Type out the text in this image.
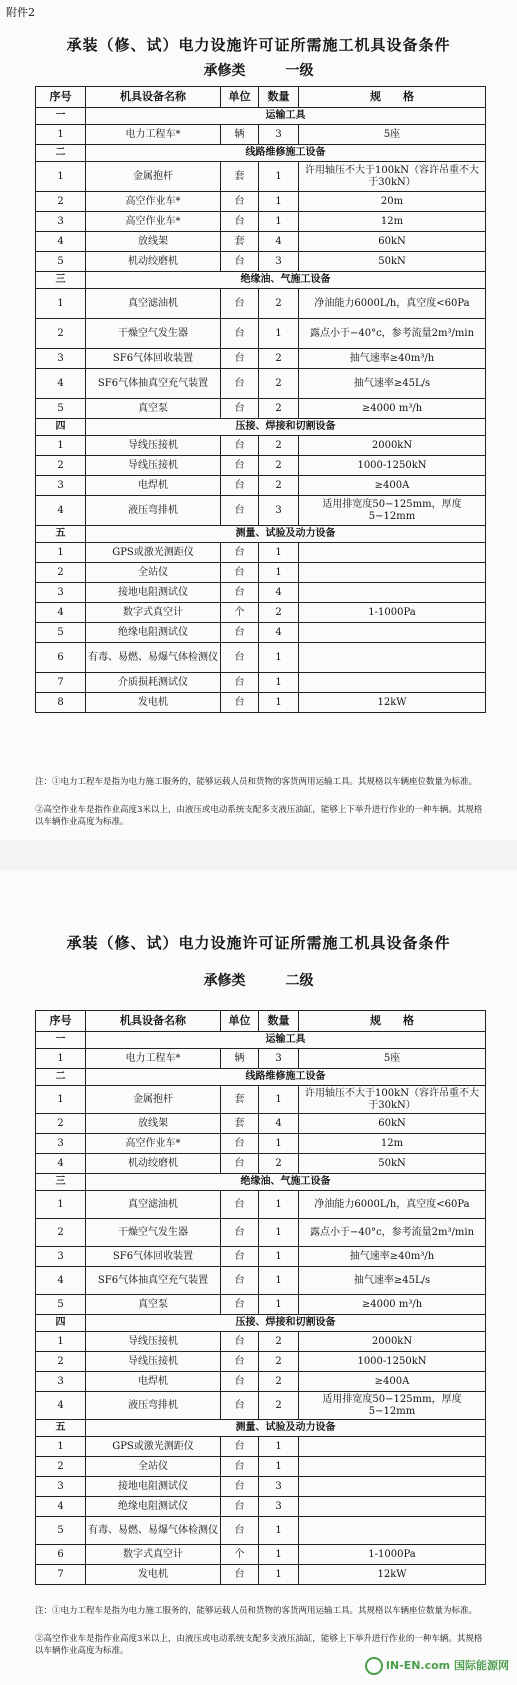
附件2
承装（修、试）电力设施许可证所需施工机具设备条件
承修类	一级
序号	机具设备名称	单位	数量	规　　格
一	运输工具			
1	电力工程车*	辆	3	5座
二	线路维修施工设备			
1	金属抱杆	套	1	许用轴压不大于100kN（容许吊重不大于30kN）
2	高空作业车*	台	1	20m
3	高空作业车*	台	1	12m
4	放线架	套	4	60kN
5	机动绞磨机	台	3	50kN
三	绝缘油、气施工设备			
1	真空滤油机	台	2	净油能力6000L/h，真空度<60Pa
2	干燥空气发生器	台	1	露点小于−40°c，参考流量2m³/min
3	SF6气体回收装置	台	2	抽气速率≥40m³/h
4	SF6气体抽真空充气装置	台	2	抽气速率≥45L/s
5	真空泵	台	2	≥4000 m³/h
四	压接、焊接和切割设备			
1	导线压接机	台	2	2000kN
2	导线压接机	台	2	1000-1250kN
3	电焊机	台	2	≥400A
4	液压弯排机	台	3	适用排宽度50−125mm，厚度5−12mm
五	测量、试验及动力设备			
1	GPS或激光测距仪	台	1	
2	全站仪	台	1	
3	接地电阻测试仪	台	4	
4	数字式真空计	个	2	1-1000Pa
5	绝缘电阻测试仪	台	4	
6	有毒、易燃、易爆气体检测仪	台	1	
7	介质损耗测试仪	台	1	
8	发电机	台	1	12kW
注：①电力工程车是指为电力施工服务的，能够运载人员和货物的客货两用运输工具。其规格以车辆座位数量为标准。
②高空作业车是指作业高度3米以上，由液压或电动系统支配多支液压油缸，能够上下举升进行作业的一种车辆。其规格以车辆作业高度为标准。
承装（修、试）电力设施许可证所需施工机具设备条件
承修类	二级
序号	机具设备名称	单位	数量	规　　格
一	运输工具			
1	电力工程车*	辆	3	5座
二	线路维修施工设备			
1	金属抱杆	套	1	许用轴压不大于100kN（容许吊重不大于30kN）
2	放线架	套	4	60kN
3	高空作业车*	台	1	12m
4	机动绞磨机	台	2	50kN
三	绝缘油、气施工设备			
1	真空滤油机	台	1	净油能力6000L/h，真空度<60Pa
2	干燥空气发生器	台	1	露点小于−40°c，参考流量2m³/min
3	SF6气体回收装置	台	1	抽气速率≥40m³/h
4	SF6气体抽真空充气装置	台	1	抽气速率≥45L/s
5	真空泵	台	1	≥4000 m³/h
四	压接、焊接和切割设备			
1	导线压接机	台	2	2000kN
2	导线压接机	台	2	1000-1250kN
3	电焊机	台	2	≥400A
4	液压弯排机	台	2	适用排宽度50−125mm，厚度5−12mm
五	测量、试验及动力设备			
1	GPS或激光测距仪	台	1	
2	全站仪	台	1	
3	接地电阻测试仪	台	3	
4	绝缘电阻测试仪	台	3	
5	有毒、易燃、易爆气体检测仪	台	1	
6	数字式真空计	个	1	1-1000Pa
7	发电机	台	1	12kW
注：①电力工程车是指为电力施工服务的，能够运载人员和货物的客货两用运输工具。其规格以车辆座位数量为标准。
②高空作业车是指作业高度3米以上，由液压或电动系统支配多支液压油缸，能够上下举升进行作业的一种车辆。其规格以车辆作业高度为标准。
IN-EN.com 国际能源网
